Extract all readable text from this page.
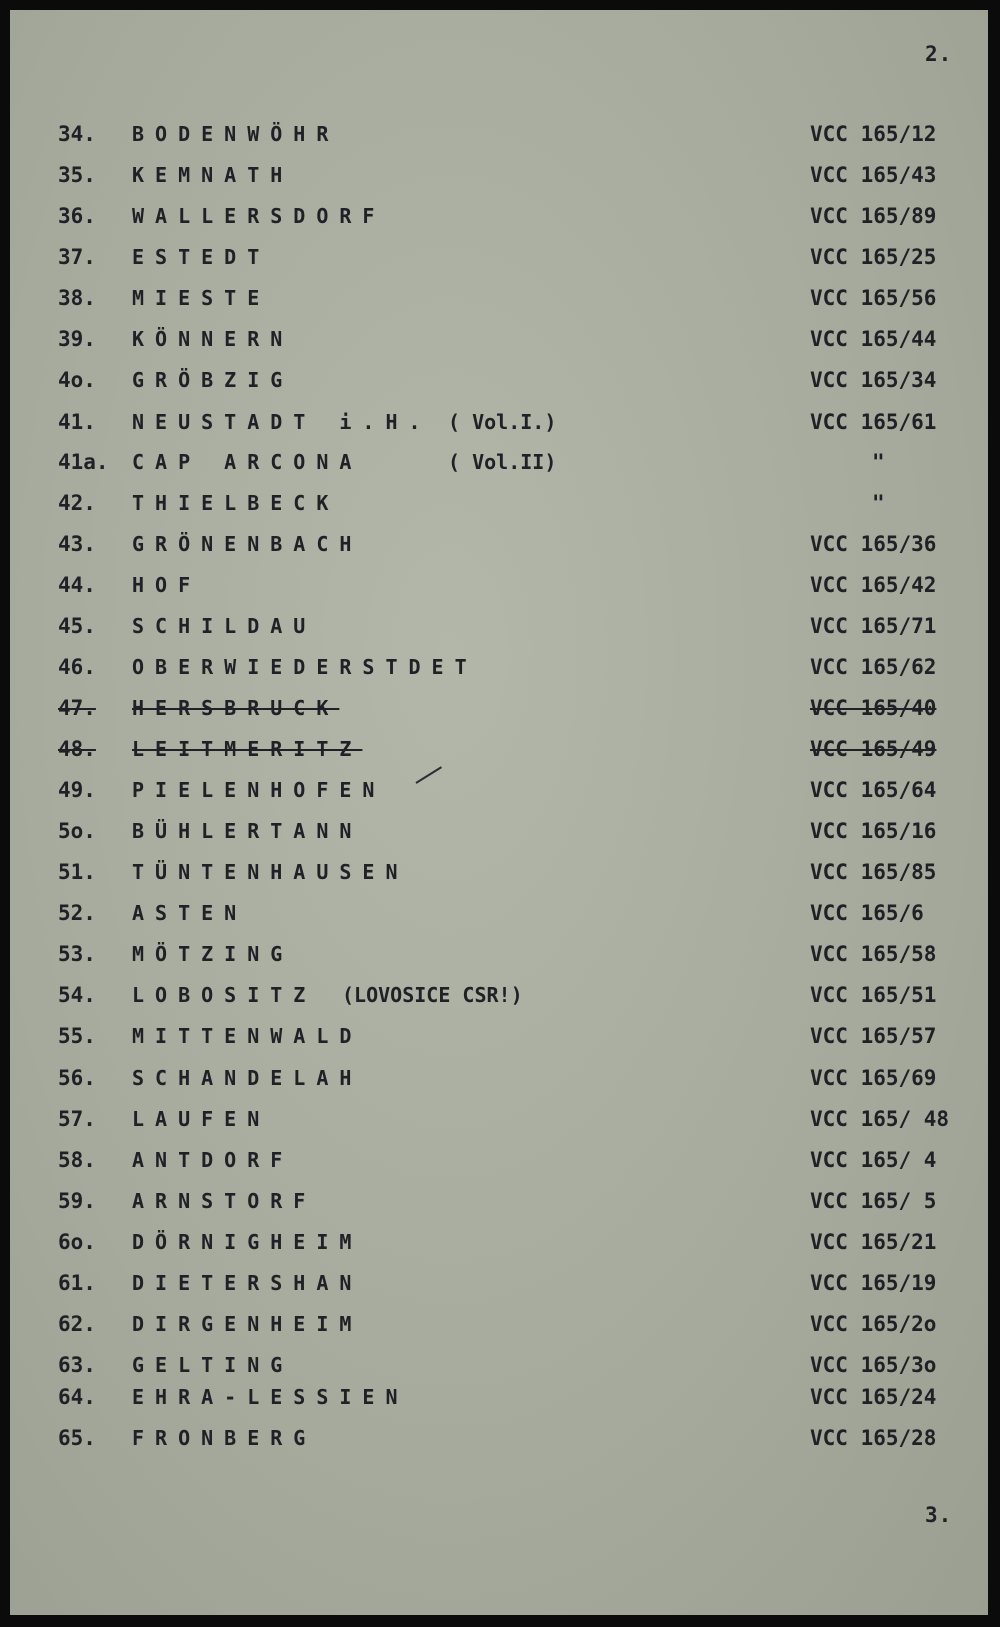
2.
34. BODENWÖHR	VCC 165/12
35. KEMNATH	VCC 165/43
36. WALLERSDORF	VCC 165/89
37. ESTEDT	VCC 165/25
38. MIESTE	VCC 165/56
39. KÖNNERN	VCC 165/44
4o. GRÖBZIG	VCC 165/34
41. NEUSTADT i.H. ( Vol.I.)	VCC 165/61
41a. CAP ARCONA	( Vol.II)	"
42. THIELBECK	"
43. GRÖNENBACH	VCC 165/36
44. HOF	VCC 165/42
45. SCHILDAU	VCC 165/71
46. OBERWIEDERSTDET	VCC 165/62
47. HERSBRUCK	VCC 165/40
48. LEITMERITZ	VCC 165/49
49. PIELENHOFEN	VCC 165/64
5o. BÜHLERTANN	VCC 165/16
51. TÜNTENHAUSEN	VCC 165/85
52. ASTEN	VCC 165/6
53. MÖTZING	VCC 165/58
54. LOBOSITZ (LOVOSICE CSR!)	VCC 165/51
55. MITTENWALD	VCC 165/57
56. SCHANDELAH	VCC 165/69
57. LAUFEN	VCC 165/ 48
58. ANTDORF	VCC 165/ 4
59. ARNSTORF	VCC 165/ 5
6o. DÖRNIGHEIM	VCC 165/21
61. DIETERSHAN	VCC 165/19
62. DIRGENHEIM	VCC 165/2o
63. GELTING	VCC 165/3o
64. EHRA-LESSIEN	VCC 165/24
65. FRONBERG	VCC 165/28
3.
